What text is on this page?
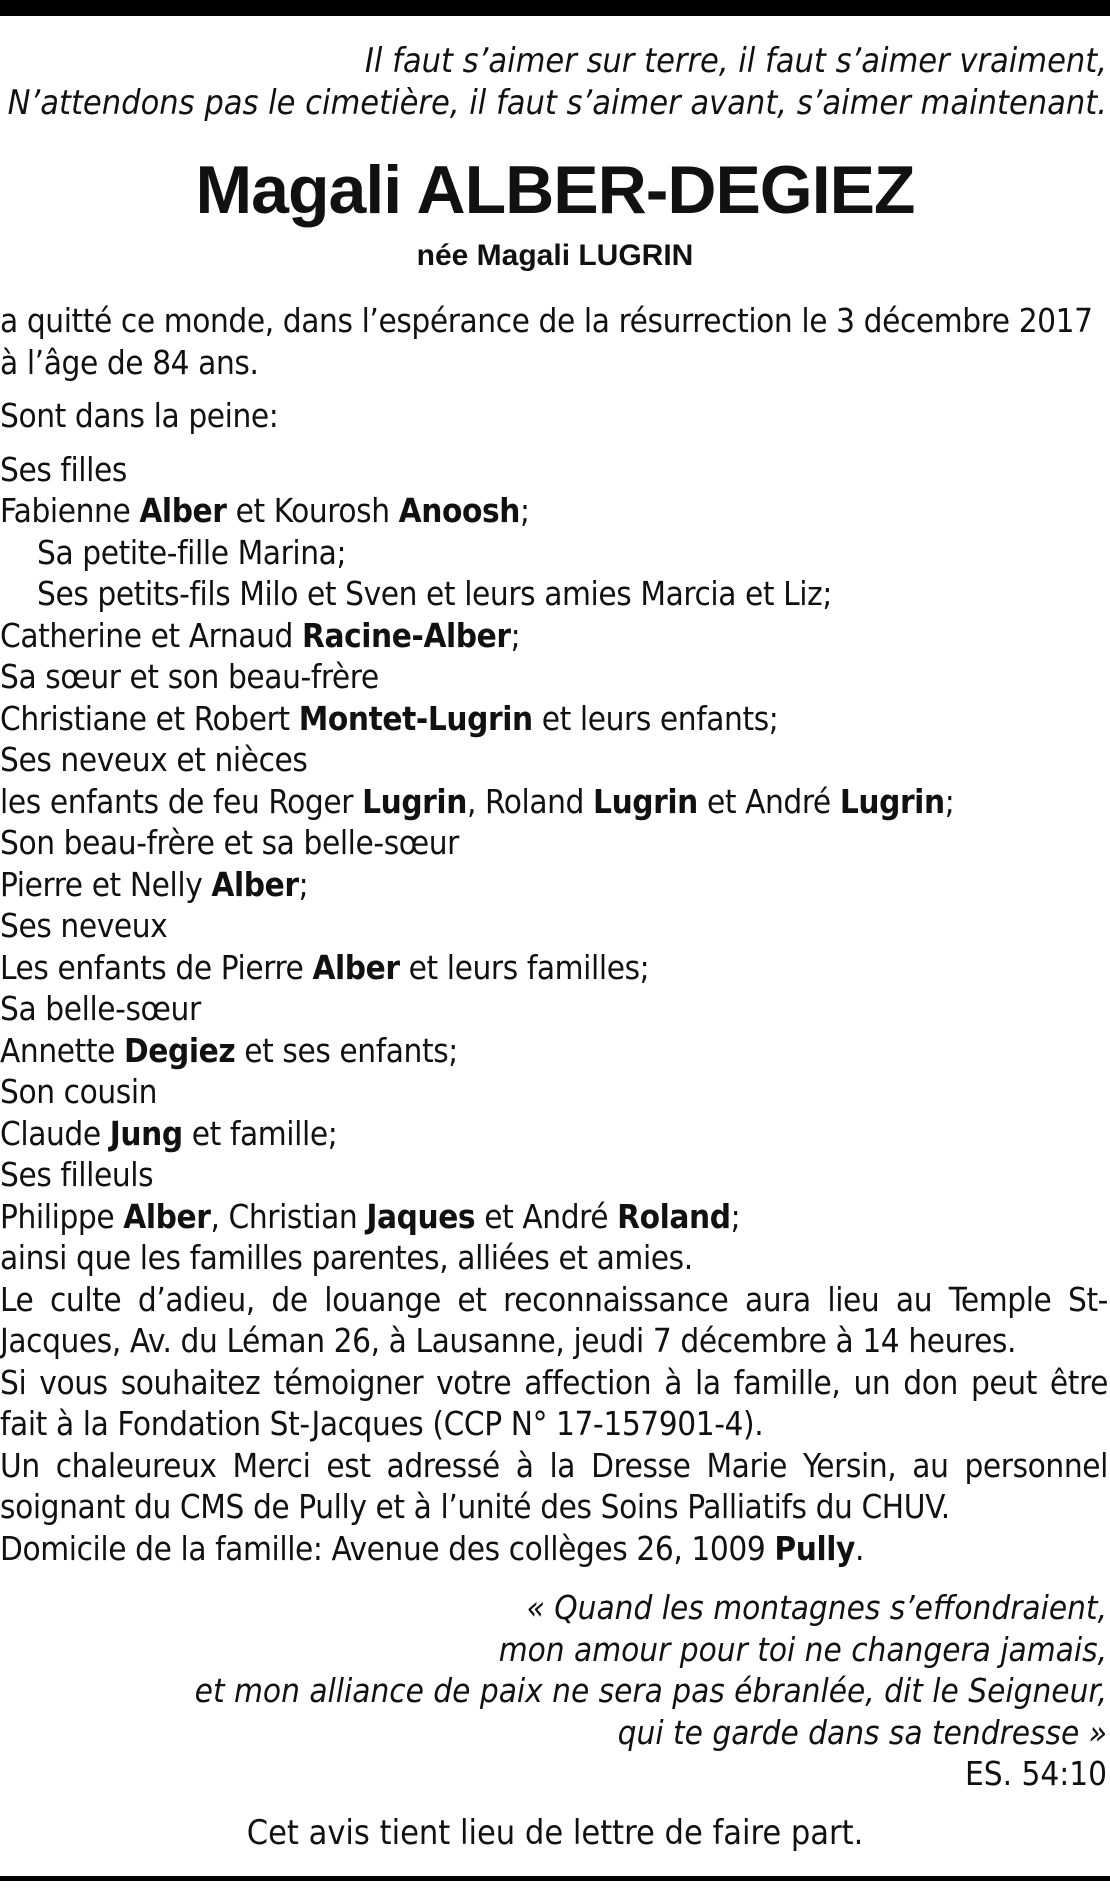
Il faut s’aimer sur terre, il faut s’aimer vraiment,
N’attendons pas le cimetière, il faut s’aimer avant, s’aimer maintenant.
Magali ALBER-DEGIEZ
née Magali LUGRIN

a quitté ce monde, dans l’espérance de la résurrection le 3 décembre 2017

à l’âge de 84 ans.

Sont dans la peine:

Ses filles

Fabienne Alber et Kourosh Anoosh;

Sa petite-fille Marina;

Ses petits-fils Milo et Sven et leurs amies Marcia et Liz;

Catherine et Arnaud Racine-Alber;

Sa sœur et son beau-frère

Christiane et Robert Montet-Lugrin et leurs enfants;

Ses neveux et nièces

les enfants de feu Roger Lugrin, Roland Lugrin et André Lugrin;

Son beau-frère et sa belle-sœur

Pierre et Nelly Alber;

Ses neveux

Les enfants de Pierre Alber et leurs familles;

Sa belle-sœur

Annette Degiez et ses enfants;

Son cousin

Claude Jung et famille;

Ses filleuls

Philippe Alber, Christian Jaques et André Roland;

ainsi que les familles parentes, alliées et amies.

Le culte d’adieu, de louange et reconnaissance aura lieu au Temple St-Jacques, Av. du Léman 26, à Lausanne, jeudi 7 décembre à 14 heures.

Si vous souhaitez témoigner votre affection à la famille, un don peut être fait à la Fondation St-Jacques (CCP N° 17-157901-4).

Un chaleureux Merci est adressé à la Dresse Marie Yersin, au personnel soignant du CMS de Pully et à l’unité des Soins Palliatifs du CHUV.

Domicile de la famille: Avenue des collèges 26, 1009 Pully.

« Quand les montagnes s’effondraient,
mon amour pour toi ne changera jamais,
et mon alliance de paix ne sera pas ébranlée, dit le Seigneur,
qui te garde dans sa tendresse »
ES. 54:10
Cet avis tient lieu de lettre de faire part.
